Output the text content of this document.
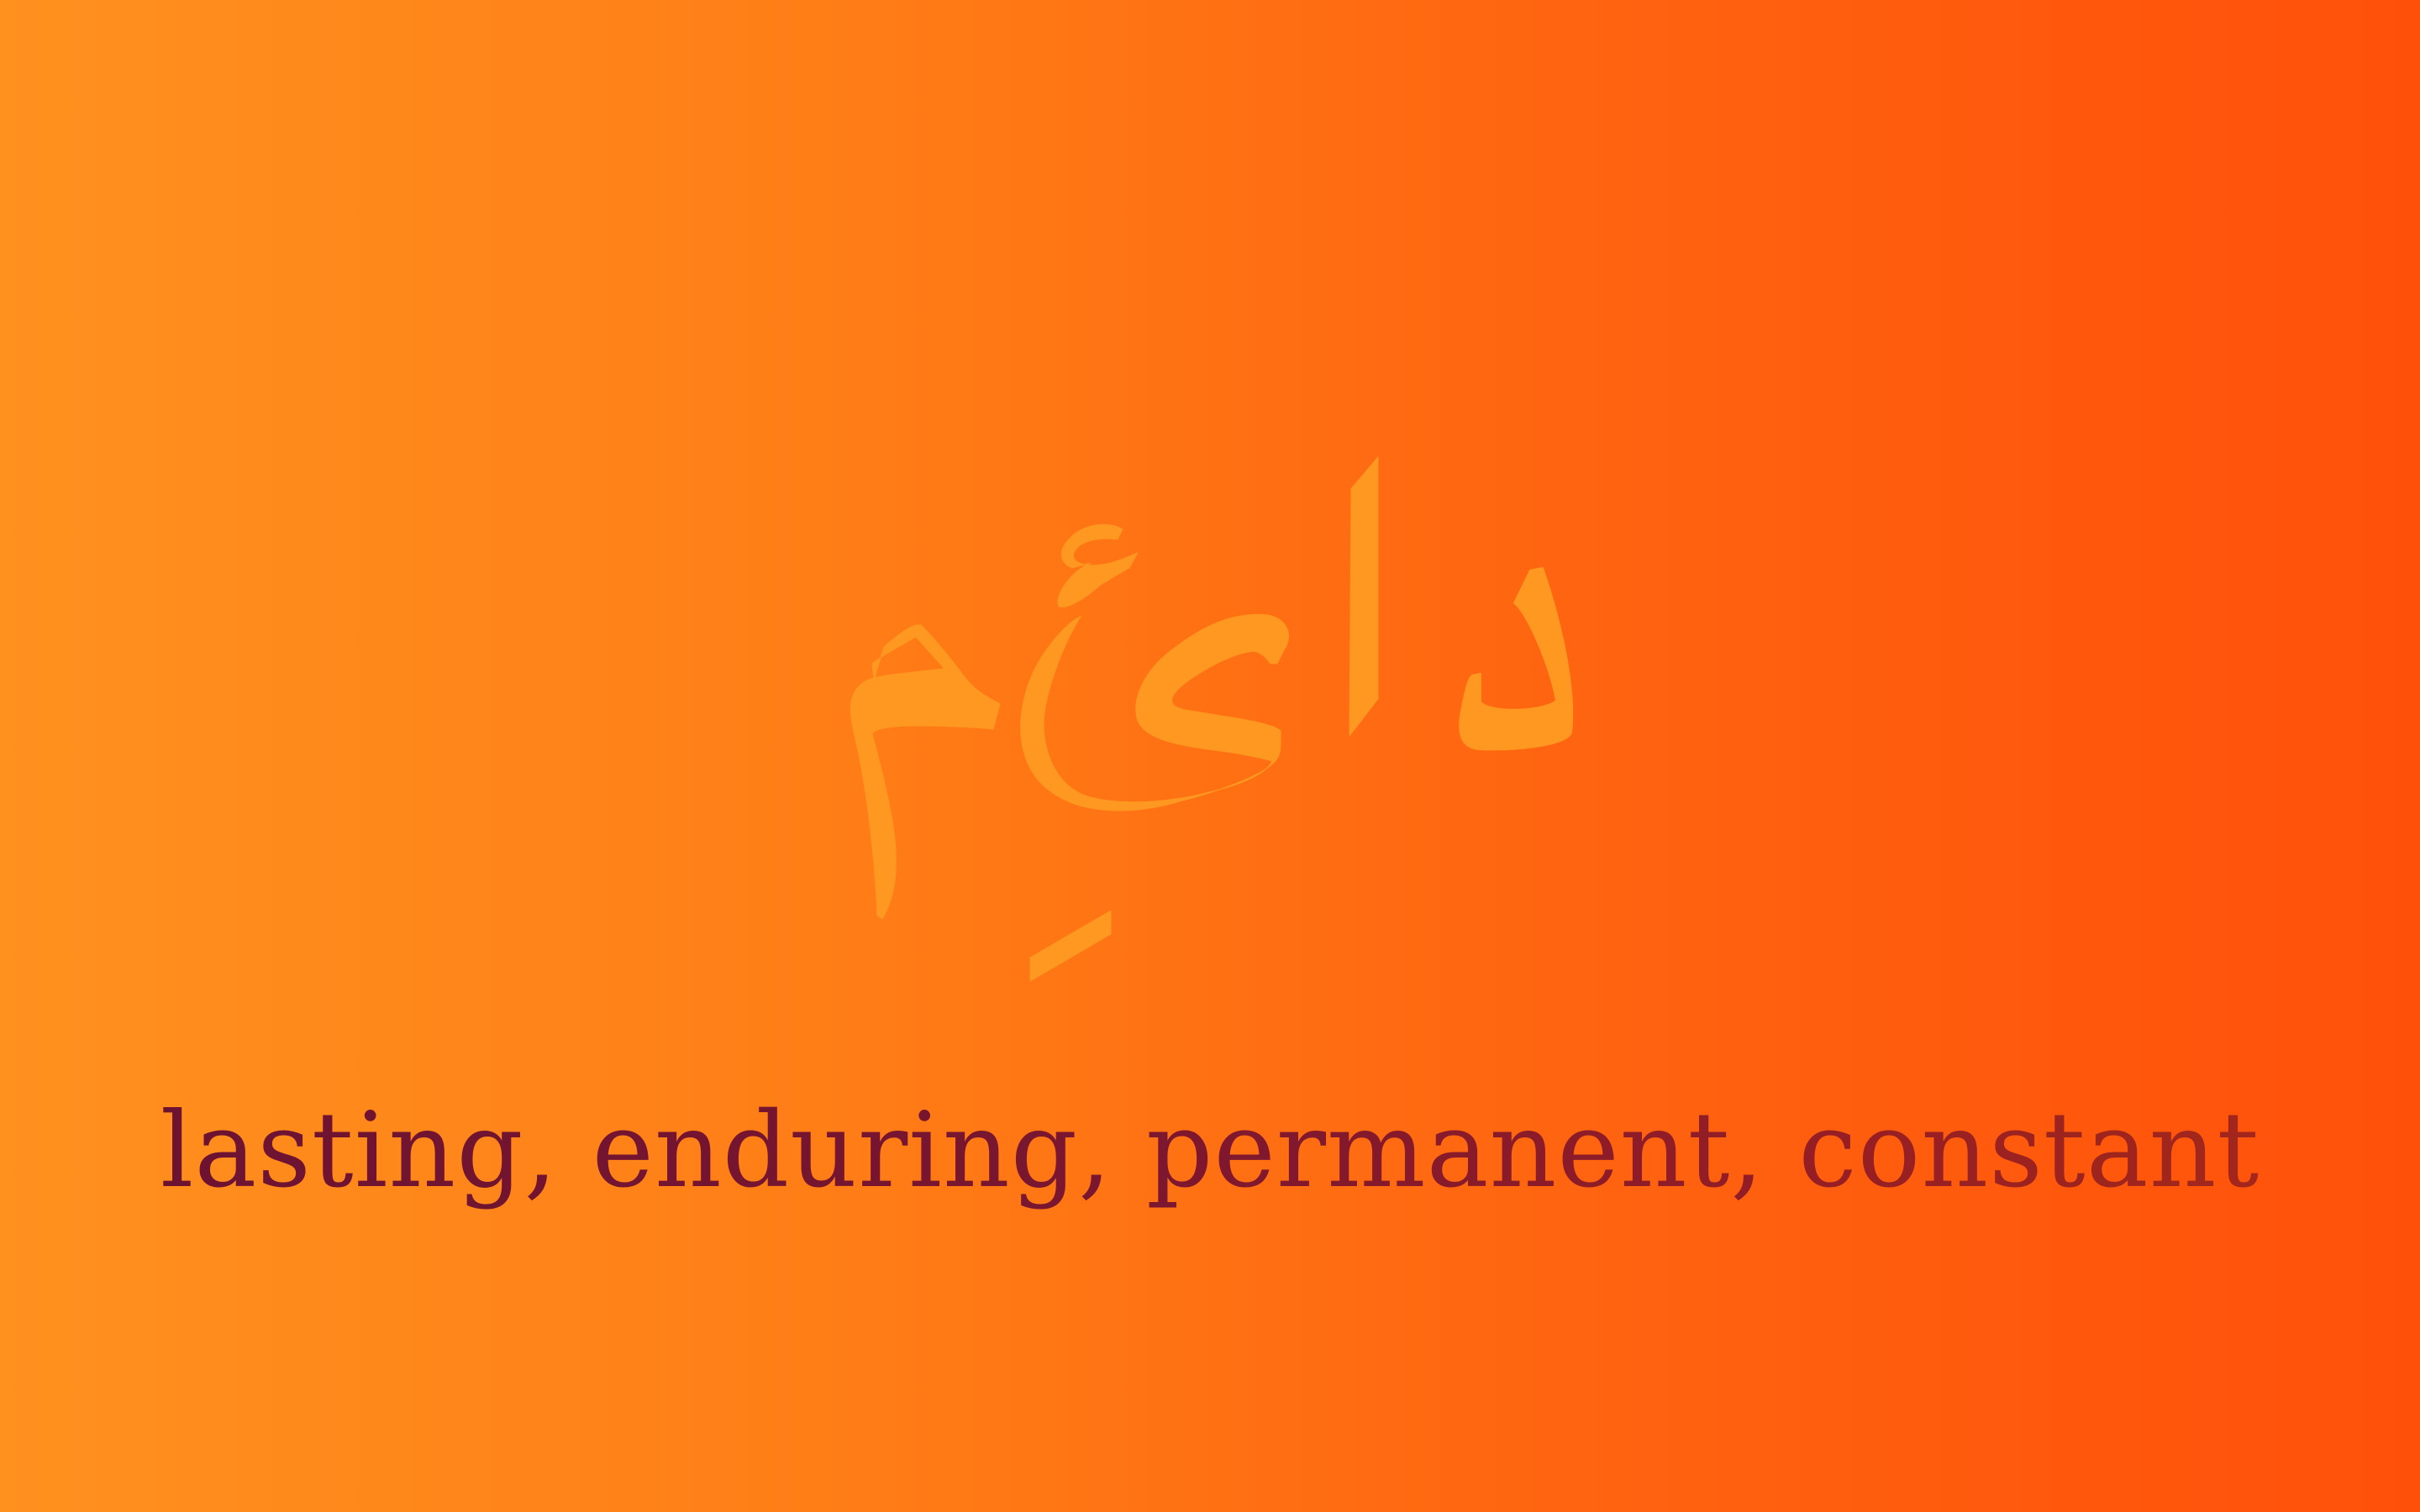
lasting, enduring, permanent, constant
